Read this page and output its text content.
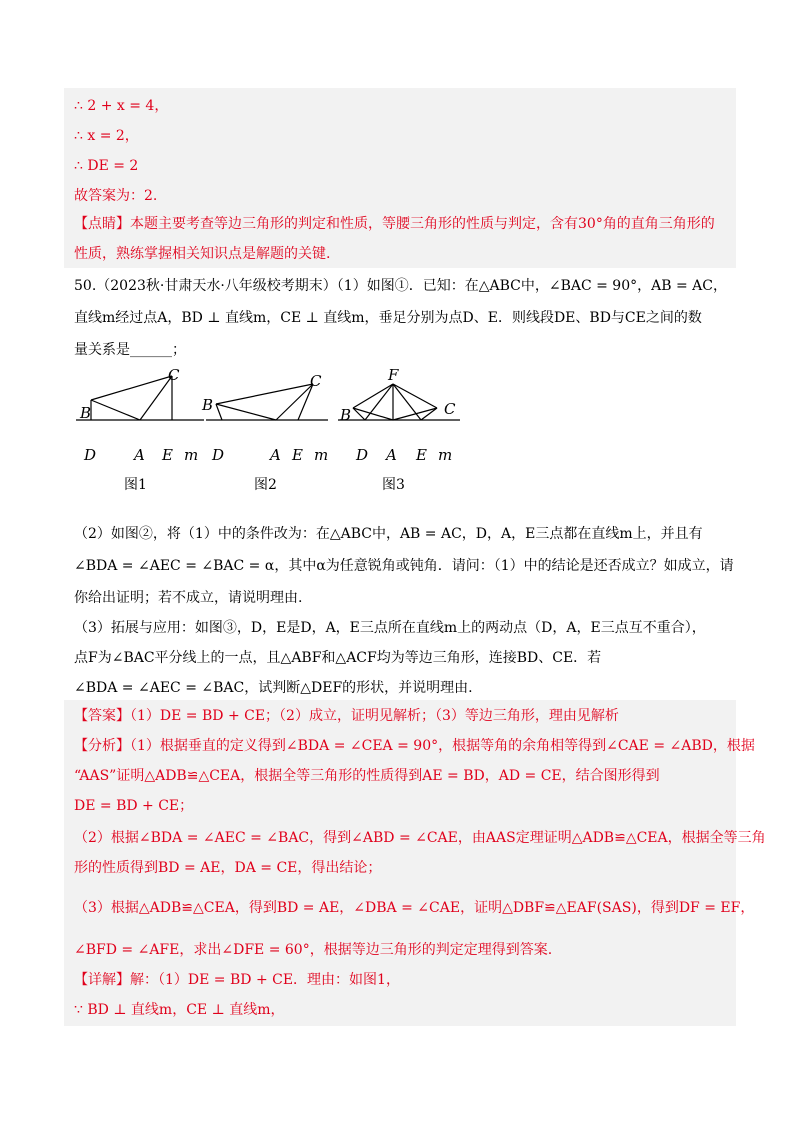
∴ 2 + x = 4，
∴ x = 2，
∴ DE = 2
故答案为：2.
【点睛】本题主要考查等边三角形的判定和性质，等腰三角形的性质与判定，含有30°角的直角三角形的
性质，熟练掌握相关知识点是解题的关键.
50.（2023秋·甘肃天水·八年级校考期末）（1）如图①．已知：在△ABC中，∠BAC = 90°，AB = AC，
直线m经过点A，BD ⊥ 直线m，CE ⊥ 直线m，垂足分别为点D、E．则线段DE、BD与CE之间的数
量关系是______；
B
C
D	A E m
B
C
D	A E m
F
B	C
D A E m
图1	图2	图3
（2）如图②，将（1）中的条件改为：在△ABC中，AB = AC，D，A，E三点都在直线m上，并且有
∠BDA = ∠AEC = ∠BAC = α，其中α为任意锐角或钝角．请问：（1）中的结论是还否成立？如成立，请
你给出证明；若不成立，请说明理由.
（3）拓展与应用：如图③，D，E是D，A，E三点所在直线m上的两动点（D，A，E三点互不重合），
点F为∠BAC平分线上的一点，且△ABF和△ACF均为等边三角形，连接BD、CE．若
∠BDA = ∠AEC = ∠BAC，试判断△DEF的形状，并说明理由.
【答案】（1）DE = BD + CE；（2）成立，证明见解析；（3）等边三角形，理由见解析
【分析】（1）根据垂直的定义得到∠BDA = ∠CEA = 90°，根据等角的余角相等得到∠CAE = ∠ABD，根据
“AAS”证明△ADB≌△CEA，根据全等三角形的性质得到AE = BD，AD = CE，结合图形得到
DE = BD + CE；
（2）根据∠BDA = ∠AEC = ∠BAC，得到∠ABD = ∠CAE，由AAS定理证明△ADB≌△CEA，根据全等三角
形的性质得到BD = AE，DA = CE，得出结论；
（3）根据△ADB≌△CEA，得到BD = AE，∠DBA = ∠CAE，证明△DBF≌△EAF(SAS)，得到DF = EF，
∠BFD = ∠AFE，求出∠DFE = 60°，根据等边三角形的判定定理得到答案.
【详解】解：（1）DE = BD + CE．理由：如图1，
∵ BD ⊥ 直线m，CE ⊥ 直线m，
